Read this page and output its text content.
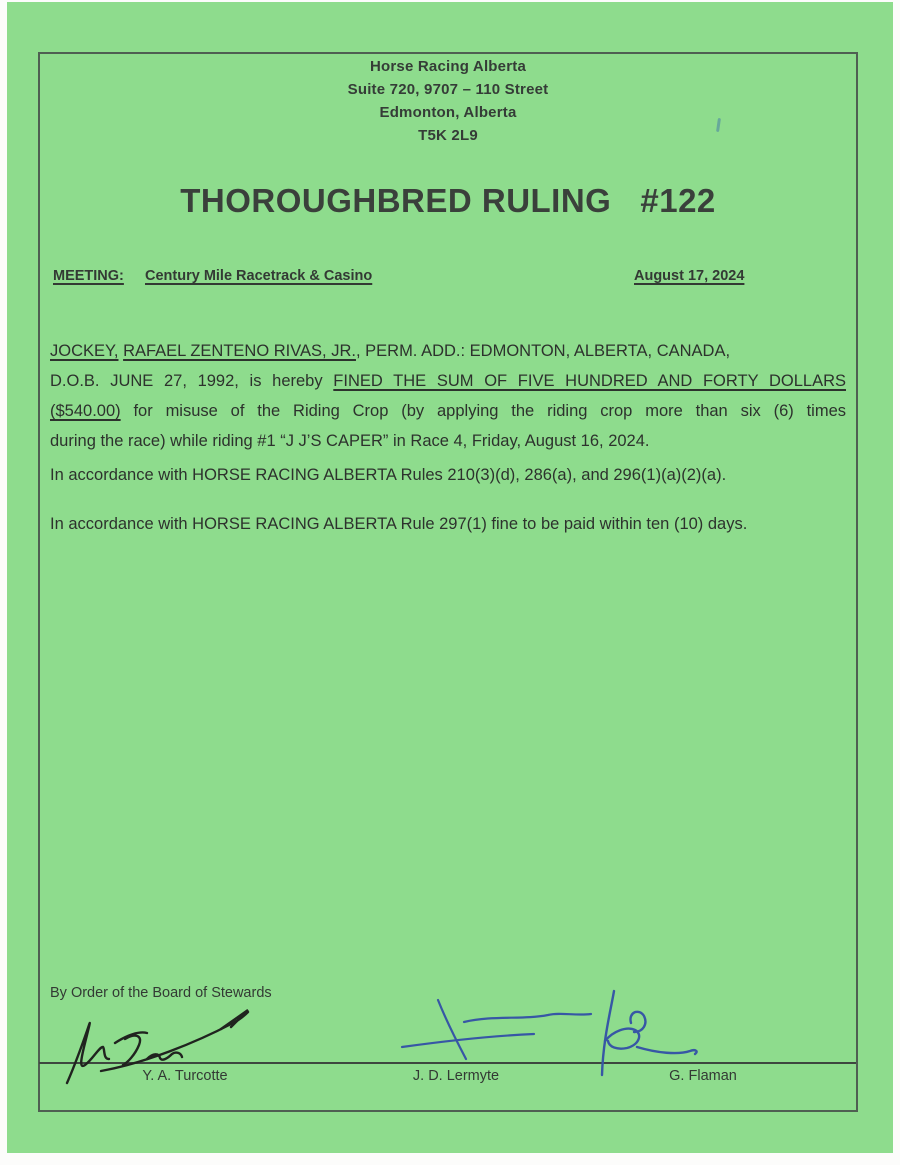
Horse Racing Alberta
Suite 720, 9707 – 110 Street
Edmonton, Alberta
T5K 2L9
THOROUGHBRED RULING   #122
MEETING: Century Mile Racetrack & Casino	August 17, 2024
JOCKEY, RAFAEL ZENTENO RIVAS, JR., PERM. ADD.: EDMONTON, ALBERTA, CANADA,
D.O.B. JUNE 27, 1992, is hereby FINED THE SUM OF FIVE HUNDRED AND FORTY DOLLARS
($540.00) for misuse of the Riding Crop (by applying the riding crop more than six (6) times
during the race) while riding #1 “J J’S CAPER” in Race 4, Friday, August 16, 2024.
In accordance with HORSE RACING ALBERTA Rules 210(3)(d), 286(a), and 296(1)(a)(2)(a).
In accordance with HORSE RACING ALBERTA Rule 297(1) fine to be paid within ten (10) days.
By Order of the Board of Stewards
Y. A. Turcotte	J. D. Lermyte	G. Flaman
